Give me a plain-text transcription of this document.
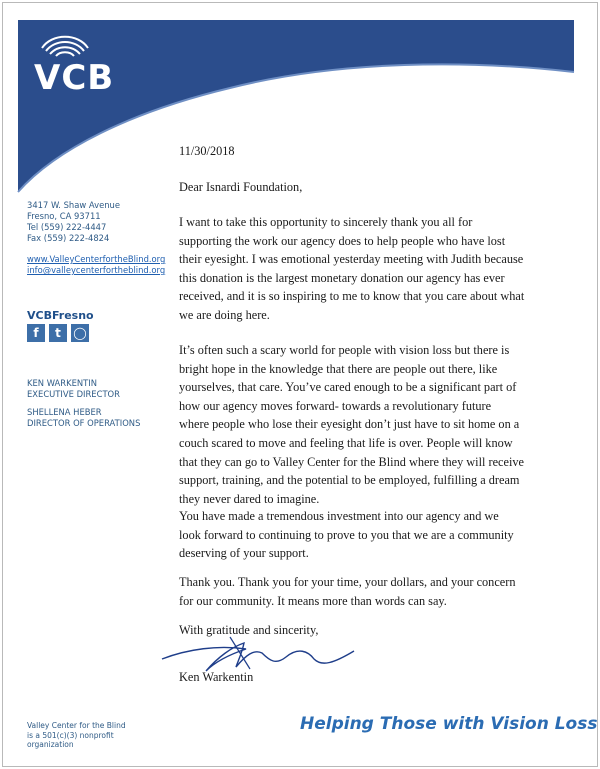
VCB
3417 W. Shaw Avenue
Fresno, CA 93711
Tel (559) 222-4447
Fax (559) 222-4824
www.ValleyCenterfortheBlind.org
info@valleycenterfortheblind.org
VCBFresno
f	t	◯
KEN WARKENTIN
EXECUTIVE DIRECTOR
SHELLENA HEBER
DIRECTOR OF OPERATIONS
11/30/2018
Dear Isnardi Foundation,
I want to take this opportunity to sincerely thank you all for
supporting the work our agency does to help people who have lost
their eyesight. I was emotional yesterday meeting with Judith because
this donation is the largest monetary donation our agency has ever
received, and it is so inspiring to me to know that you care about what
we are doing here.
It’s often such a scary world for people with vision loss but there is
bright hope in the knowledge that there are people out there, like
yourselves, that care. You’ve cared enough to be a significant part of
how our agency moves forward- towards a revolutionary future
where people who lose their eyesight don’t just have to sit home on a
couch scared to move and feeling that life is over. People will know
that they can go to Valley Center for the Blind where they will receive
support, training, and the potential to be employed, fulfilling a dream
they never dared to imagine.
You have made a tremendous investment into our agency and we
look forward to continuing to prove to you that we are a community
deserving of your support.
Thank you. Thank you for your time, your dollars, and your concern
for our community. It means more than words can say.
With gratitude and sincerity,
Ken Warkentin
Valley Center for the Blind
is a 501(c)(3) nonprofit
organization
Helping Those with Vision Loss
